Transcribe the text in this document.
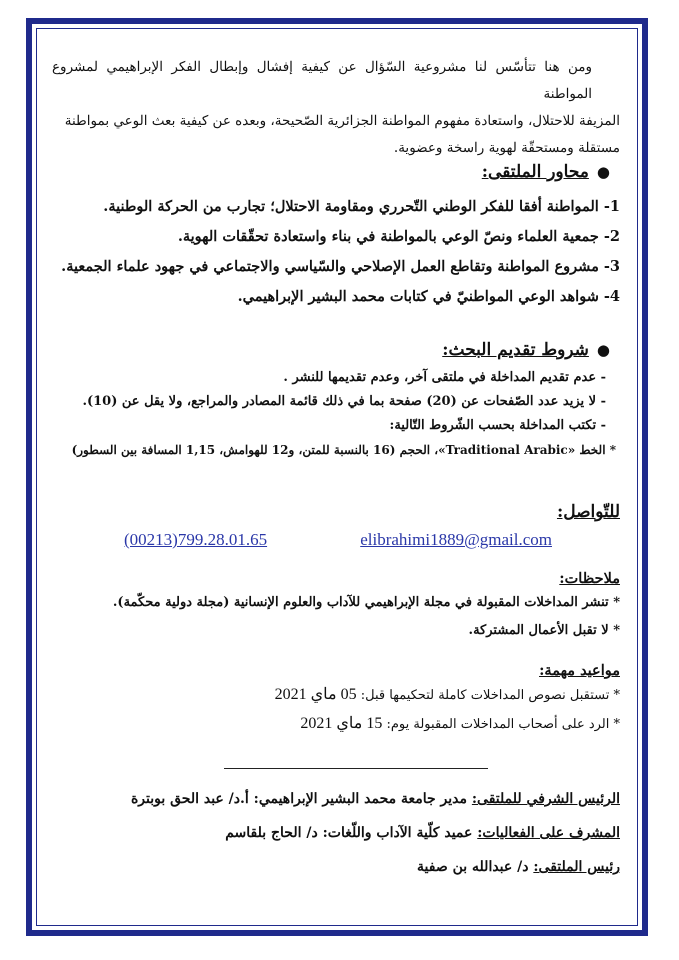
ومن هنا تتأسّس لنا مشروعية السّؤال عن كيفية إفشال وإبطال الفكر الإبراهيمي لمشروع المواطنة

المزيفة للاحتلال، واستعادة مفهوم المواطنة الجزائرية الصّحيحة، وبعده عن كيفية بعث الوعي بمواطنة

مستقلة ومستحقّة لهوية راسخة وعضوية.

●
محاور الملتقى:

1- المواطنة أفقا للفكر الوطني التّحرري ومقاومة الاحتلال؛ تجارب من الحركة الوطنية.

2- جمعية العلماء ونصّ الوعي بالمواطنة في بناء واستعادة تحقّقات الهوية.

3- مشروع المواطنة وتقاطع العمل الإصلاحي والسّياسي والاجتماعي في جهود علماء الجمعية.

4- شواهد الوعي المواطنيّ في كتابات محمد البشير الإبراهيمي.

●
شروط تقديم البحث:

- عدم تقديم المداخلة في ملتقى آخر، وعدم تقديمها للنشر .

- لا يزيد عدد الصّفحات عن (20) صفحة بما في ذلك قائمة المصادر والمراجع، ولا يقل عن (10).

- تكتب المداخلة بحسب الشّروط التّالية:

* الخط «Traditional Arabic»، الحجم (16 بالنسبة للمتن، و12 للهوامش، 1,15 المسافة بين السطور)

للتّواصل:
(00213)799.28.01.65	elibrahimi1889@gmail.com
ملاحظات:

* تنشر المداخلات المقبولة في مجلة الإبراهيمي للآداب والعلوم الإنسانية (مجلة دولية محكّمة).

* لا تقبل الأعمال المشتركة.

مواعيد مهمة:

* تستقبل نصوص المداخلات كاملة لتحكيمها قبل: 05 ماي 2021

* الرد على أصحاب المداخلات المقبولة يوم: 15 ماي 2021

الرئيس الشرفي للملتقى: مدير جامعة محمد البشير الإبراهيمي: أ.د/ عبد الحق بوبترة

المشرف على الفعاليات: عميد كلّية الآداب واللّغات: د/ الحاج بلقاسم

رئيس الملتقى: د/ عبدالله بن صفية
